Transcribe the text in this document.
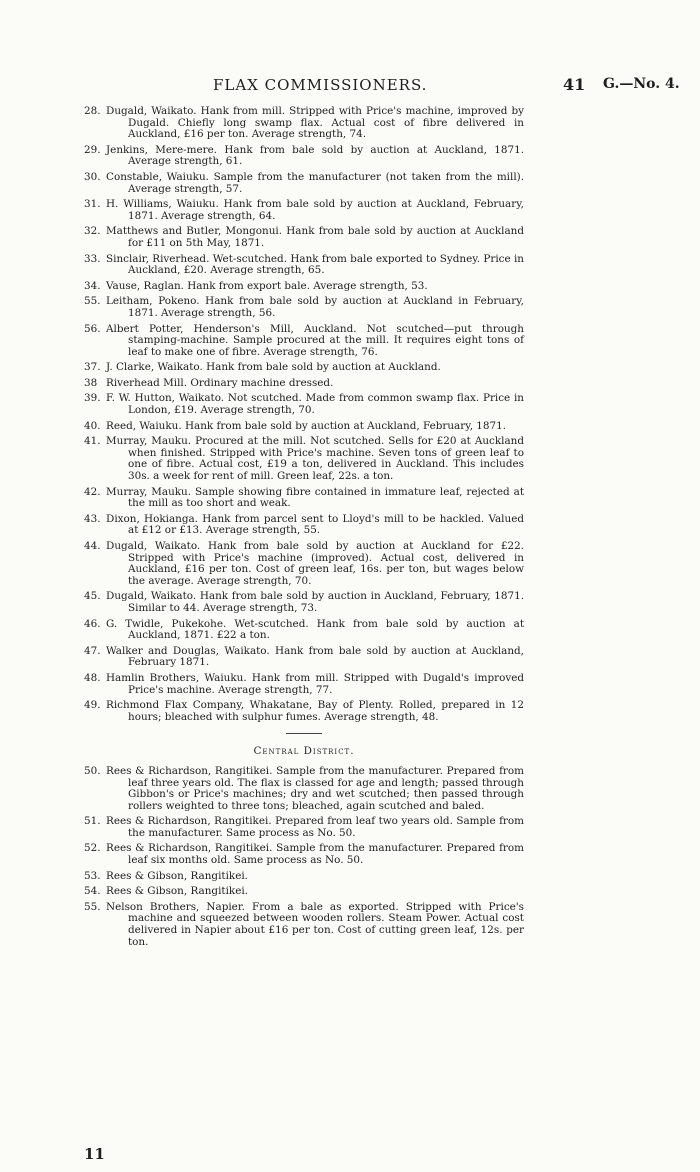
FLAX COMMISSIONERS.	41 G.—No. 4.
28. Dugald, Waikato. Hank from mill. Stripped with Price's machine, improved by Dugald. Chiefly long swamp flax. Actual cost of fibre delivered in Auckland, £16 per ton. Average strength, 74.
29. Jenkins, Mere-mere. Hank from bale sold by auction at Auckland, 1871. Average strength, 61.
30. Constable, Waiuku. Sample from the manufacturer (not taken from the mill). Average strength, 57.
31. H. Williams, Waiuku. Hank from bale sold by auction at Auckland, February, 1871. Average strength, 64.
32. Matthews and Butler, Mongonui. Hank from bale sold by auction at Auckland for £11 on 5th May, 1871.
33. Sinclair, Riverhead. Wet-scutched. Hank from bale exported to Sydney. Price in Auckland, £20. Average strength, 65.
34. Vause, Raglan. Hank from export bale. Average strength, 53.
55. Leitham, Pokeno. Hank from bale sold by auction at Auckland in February, 1871. Average strength, 56.
56. Albert Potter, Henderson's Mill, Auckland. Not scutched—put through stamping-machine. Sample procured at the mill. It requires eight tons of leaf to make one of fibre. Average strength, 76.
37. J. Clarke, Waikato. Hank from bale sold by auction at Auckland.
38 Riverhead Mill. Ordinary machine dressed.
39. F. W. Hutton, Waikato. Not scutched. Made from common swamp flax. Price in London, £19. Average strength, 70.
40. Reed, Waiuku. Hank from bale sold by auction at Auckland, February, 1871.
41. Murray, Mauku. Procured at the mill. Not scutched. Sells for £20 at Auckland when finished. Stripped with Price's machine. Seven tons of green leaf to one of fibre. Actual cost, £19 a ton, delivered in Auckland. This includes 30s. a week for rent of mill. Green leaf, 22s. a ton.
42. Murray, Mauku. Sample showing fibre contained in immature leaf, rejected at the mill as too short and weak.
43. Dixon, Hokianga. Hank from parcel sent to Lloyd's mill to be hackled. Valued at £12 or £13. Average strength, 55.
44. Dugald, Waikato. Hank from bale sold by auction at Auckland for £22. Stripped with Price's machine (improved). Actual cost, delivered in Auckland, £16 per ton. Cost of green leaf, 16s. per ton, but wages below the average. Average strength, 70.
45. Dugald, Waikato. Hank from bale sold by auction in Auckland, February, 1871. Similar to 44. Average strength, 73.
46. G. Twidle, Pukekohe. Wet-scutched. Hank from bale sold by auction at Auckland, 1871. £22 a ton.
47. Walker and Douglas, Waikato. Hank from bale sold by auction at Auckland, February 1871.
48. Hamlin Brothers, Waiuku. Hank from mill. Stripped with Dugald's improved Price's machine. Average strength, 77.
49. Richmond Flax Company, Whakatane, Bay of Plenty. Rolled, prepared in 12 hours; bleached with sulphur fumes. Average strength, 48.
Central District.
50. Rees & Richardson, Rangitikei. Sample from the manufacturer. Prepared from leaf three years old. The flax is classed for age and length; passed through Gibbon's or Price's machines; dry and wet scutched; then passed through rollers weighted to three tons; bleached, again scutched and baled.
51. Rees & Richardson, Rangitikei. Prepared from leaf two years old. Sample from the manufacturer. Same process as No. 50.
52. Rees & Richardson, Rangitikei. Sample from the manufacturer. Prepared from leaf six months old. Same process as No. 50.
53. Rees & Gibson, Rangitikei.
54. Rees & Gibson, Rangitikei.
55. Nelson Brothers, Napier. From a bale as exported. Stripped with Price's machine and squeezed between wooden rollers. Steam Power. Actual cost delivered in Napier about £16 per ton. Cost of cutting green leaf, 12s. per ton.
11
